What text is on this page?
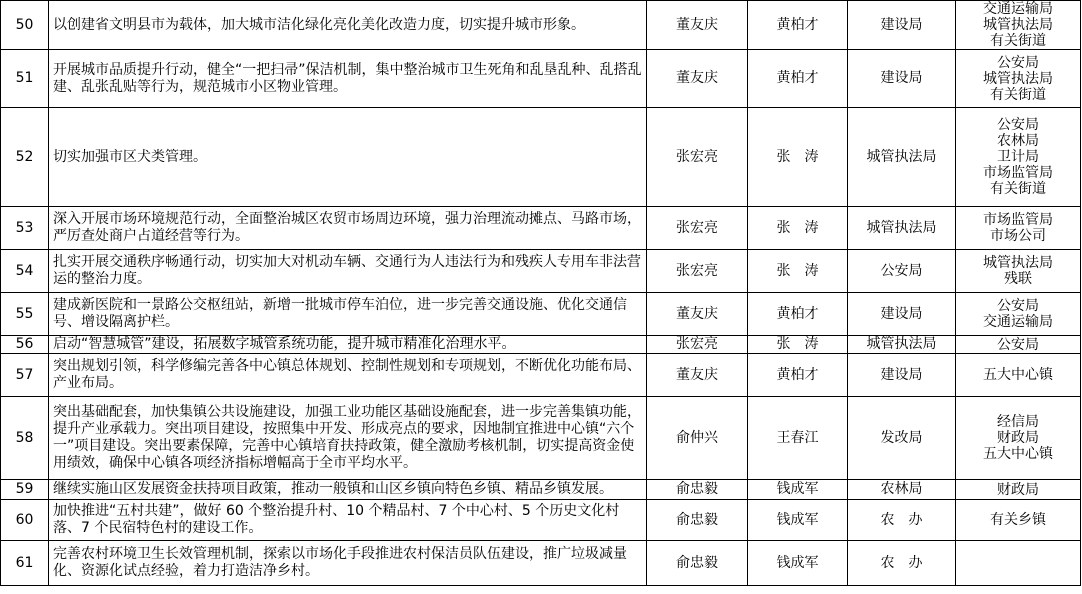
50	以创建省文明县市为载体，加大城市洁化绿化亮化美化改造力度，切实提升城市形象。	董友庆	黄柏才	建设局	交通运输局
城管执法局
有关街道

51	开展城市品质提升行动，健全“一把扫帚”保洁机制，集中整治城市卫生死角和乱垦乱种、乱搭乱建、乱张乱贴等行为，规范城市小区物业管理。	董友庆	黄柏才	建设局	公安局
城管执法局
有关街道

52	切实加强市区犬类管理。	张宏亮	张　涛	城管执法局	公安局
农林局
卫计局
市场监管局
有关街道

53	深入开展市场环境规范行动，全面整治城区农贸市场周边环境，强力治理流动摊点、马路市场，严厉查处商户占道经营等行为。	张宏亮	张　涛	城管执法局	市场监管局
市场公司

54	扎实开展交通秩序畅通行动，切实加大对机动车辆、交通行为人违法行为和残疾人专用车非法营运的整治力度。	张宏亮	张　涛	公安局	城管执法局
残联

55	建成新医院和一景路公交枢纽站，新增一批城市停车泊位，进一步完善交通设施、优化交通信号、增设隔离护栏。	董友庆	黄柏才	建设局	公安局
交通运输局

56	启动“智慧城管”建设，拓展数字城管系统功能，提升城市精准化治理水平。	张宏亮	张　涛	城管执法局	公安局

57	突出规划引领，科学修编完善各中心镇总体规划、控制性规划和专项规划，不断优化功能布局、产业布局。	董友庆	黄柏才	建设局	五大中心镇

58	突出基础配套，加快集镇公共设施建设，加强工业功能区基础设施配套，进一步完善集镇功能，提升产业承载力。突出项目建设，按照集中开发、形成亮点的要求，因地制宜推进中心镇“六个一”项目建设。突出要素保障，完善中心镇培育扶持政策，健全激励考核机制，切实提高资金使用绩效，确保中心镇各项经济指标增幅高于全市平均水平。	俞仲兴	王春江	发改局	经信局
财政局
五大中心镇

59	继续实施山区发展资金扶持项目政策，推动一般镇和山区乡镇向特色乡镇、精品乡镇发展。	俞忠毅	钱成军	农林局	财政局

60	加快推进“五村共建”，做好 60 个整治提升村、10 个精品村、7 个中心村、5 个历史文化村落、7 个民宿特色村的建设工作。	俞忠毅	钱成军	农　办	有关乡镇

61	完善农村环境卫生长效管理机制，探索以市场化手段推进农村保洁员队伍建设，推广垃圾减量化、资源化试点经验，着力打造洁净乡村。	俞忠毅	钱成军	农　办	
